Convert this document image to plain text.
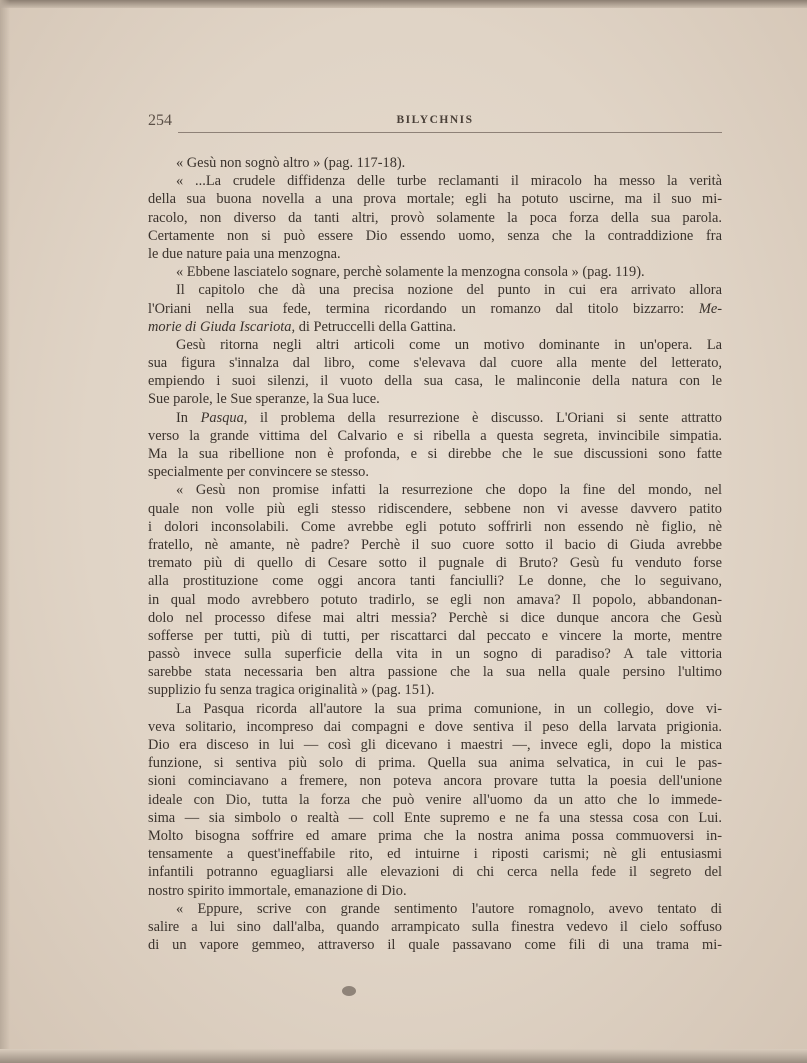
254	BILYCHNIS
« Gesù non sognò altro » (pag. 117-18).
« ...La crudele diffidenza delle turbe reclamanti il miracolo ha messo la verità
della sua buona novella a una prova mortale; egli ha potuto uscirne, ma il suo mi-
racolo, non diverso da tanti altri, provò solamente la poca forza della sua parola.
Certamente non si può essere Dio essendo uomo, senza che la contraddizione fra
le due nature paia una menzogna.
« Ebbene lasciatelo sognare, perchè solamente la menzogna consola » (pag. 119).
Il capitolo che dà una precisa nozione del punto in cui era arrivato allora
l'Oriani nella sua fede, termina ricordando un romanzo dal titolo bizzarro: Me-
morie di Giuda Iscariota, di Petruccelli della Gattina.
Gesù ritorna negli altri articoli come un motivo dominante in un'opera. La
sua figura s'innalza dal libro, come s'elevava dal cuore alla mente del letterato,
empiendo i suoi silenzi, il vuoto della sua casa, le malinconie della natura con le
Sue parole, le Sue speranze, la Sua luce.
In Pasqua, il problema della resurrezione è discusso. L'Oriani si sente attratto
verso la grande vittima del Calvario e si ribella a questa segreta, invincibile simpatia.
Ma la sua ribellione non è profonda, e si direbbe che le sue discussioni sono fatte
specialmente per convincere se stesso.
« Gesù non promise infatti la resurrezione che dopo la fine del mondo, nel
quale non volle più egli stesso ridiscendere, sebbene non vi avesse davvero patito
i dolori inconsolabili. Come avrebbe egli potuto soffrirli non essendo nè figlio, nè
fratello, nè amante, nè padre? Perchè il suo cuore sotto il bacio di Giuda avrebbe
tremato più di quello di Cesare sotto il pugnale di Bruto? Gesù fu venduto forse
alla prostituzione come oggi ancora tanti fanciulli? Le donne, che lo seguivano,
in qual modo avrebbero potuto tradirlo, se egli non amava? Il popolo, abbandonan-
dolo nel processo difese mai altri messia? Perchè si dice dunque ancora che Gesù
sofferse per tutti, più di tutti, per riscattarci dal peccato e vincere la morte, mentre
passò invece sulla superficie della vita in un sogno di paradiso? A tale vittoria
sarebbe stata necessaria ben altra passione che la sua nella quale persino l'ultimo
supplizio fu senza tragica originalità » (pag. 151).
La Pasqua ricorda all'autore la sua prima comunione, in un collegio, dove vi-
veva solitario, incompreso dai compagni e dove sentiva il peso della larvata prigionia.
Dio era disceso in lui — così gli dicevano i maestri —, invece egli, dopo la mistica
funzione, si sentiva più solo di prima. Quella sua anima selvatica, in cui le pas-
sioni cominciavano a fremere, non poteva ancora provare tutta la poesia dell'unione
ideale con Dio, tutta la forza che può venire all'uomo da un atto che lo immede-
sima — sia simbolo o realtà — coll Ente supremo e ne fa una stessa cosa con Lui.
Molto bisogna soffrire ed amare prima che la nostra anima possa commuoversi in-
tensamente a quest'ineffabile rito, ed intuirne i riposti carismi; nè gli entusiasmi
infantili potranno eguagliarsi alle elevazioni di chi cerca nella fede il segreto del
nostro spirito immortale, emanazione di Dio.
« Eppure, scrive con grande sentimento l'autore romagnolo, avevo tentato di
salire a lui sino dall'alba, quando arrampicato sulla finestra vedevo il cielo soffuso
di un vapore gemmeo, attraverso il quale passavano come fili di una trama mi-
